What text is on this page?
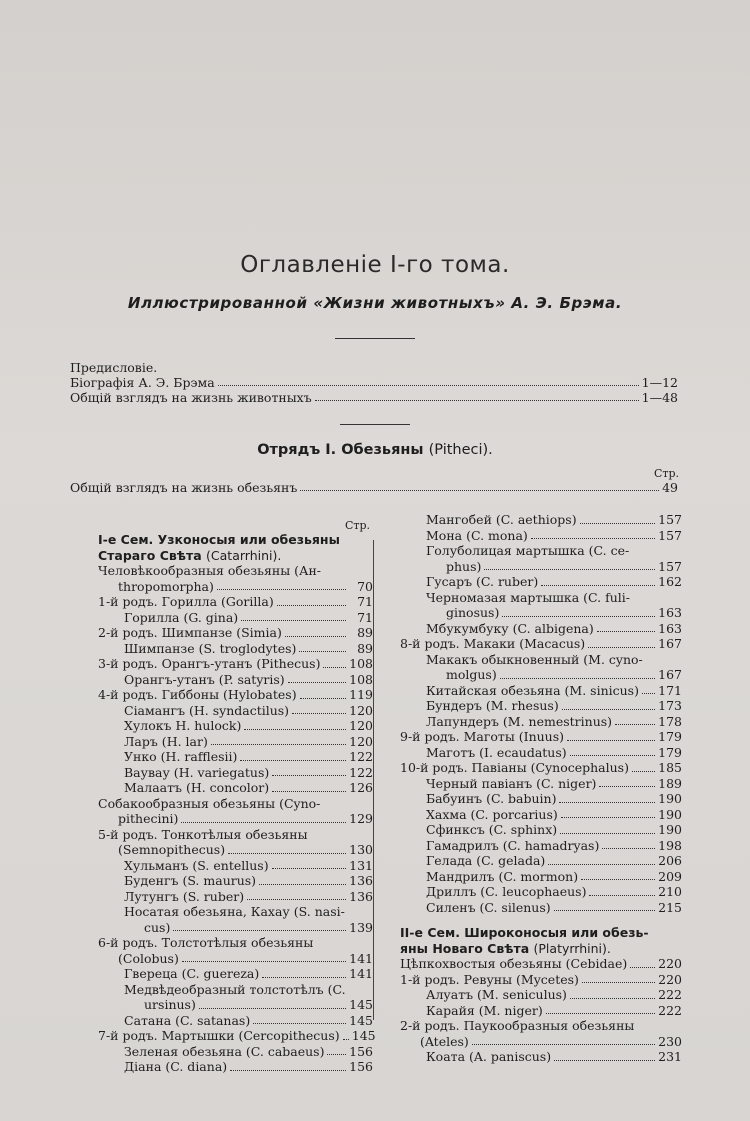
Оглавленіе I-го тома.
Иллюстрированной «Жизни животныхъ» А. Э. Брэма.
Предисловіе.
Біографія А. Э. Брэма	1—12
Общій взглядъ на жизнь животныхъ	1—48
Отрядъ I. Обезьяны (Pitheci).
Стр.
Общій взглядъ на жизнь обезьянъ	49
Стр.
I-е Сем. Узконосыя или обезьяны
Стараго Свѣта (Catarrhini).
Человѣкообразныя обезьяны (Ан-
thropomorpha)	70
1-й родъ. Горилла (Gorilla)	71
Горилла (G. gina)	71
2-й родъ. Шимпанзе (Simia)	89
Шимпанзе (S. troglodytes)	89
3-й родъ. Орангъ-утанъ (Pithecus) 108
Орангъ-утанъ (P. satyris)	108
4-й родъ. Гиббоны (Hylobates)	119
Сіамангъ (H. syndactilus)	120
Хулокъ H. hulock)	120
Ларъ (H. lar)	120
Унко (H. rafflesii)	122
Ваувау (H. variegatus)	122
Малаатъ (H. concolor)	126
Собакообразныя обезьяны (Cyno-
pithecini)	129
5-й родъ. Тонкотѣлыя обезьяны
(Semnopithecus)	130
Хульманъ (S. entellus)	131
Буденгъ (S. maurus)	136
Лутунгъ (S. ruber)	136
Носатая обезьяна, Кахау (S. nasi-
cus)	139
6-й родъ. Толстотѣлыя обезьяны
(Colobus)	141
Гвереца (C. guereza)	141
Медвѣдеобразный толстотѣлъ (C.
ursinus)	145
Сатана (C. satanas)	145
7-й родъ. Мартышки (Cercopithecus) 145
Зеленая обезьяна (C. cabaeus) 156
Діана (C. diana)	156
Мангобей (C. aethiops)	157
Мона (C. mona)	157
Голуболицая мартышка (C. се-
phus)	157
Гусаръ (C. ruber)	162
Черномазая мартышка (C. fuli-
ginosus)	163
Мбукумбуку (C. albigena)	163
8-й родъ. Макаки (Macacus)	167
Макакъ обыкновенный (M. cyno-
molgus)	167
Китайская обезьяна (M. sinicus) 171
Бундеръ (M. rhesus)	173
Лапундеръ (M. nemestrinus)	178
9-й родъ. Маготы (Inuus)	179
Маготъ (I. ecaudatus)	179
10-й родъ. Павіаны (Cynocephalus) 185
Черный павіанъ (C. niger)	189
Бабуинъ (C. babuin)	190
Хахма (C. porcarius)	190
Сфинксъ (C. sphinx)	190
Гамадрилъ (C. hamadryas)	198
Гелада (C. gelada)	206
Мандрилъ (C. mormon)	209
Дриллъ (C. leucophaeus)	210
Силенъ (C. silenus)	215
II-е Сем. Широконосыя или обезь-
яны Новаго Свѣта (Platyrrhini).
Цѣпкохвостыя обезьяны (Cebidae) 220
1-й родъ. Ревуны (Mycetes)	220
Алуатъ (M. seniculus)	222
Карайя (M. niger)	222
2-й родъ. Паукообразныя обезьяны
(Ateles)	230
Коата (A. paniscus)	231
